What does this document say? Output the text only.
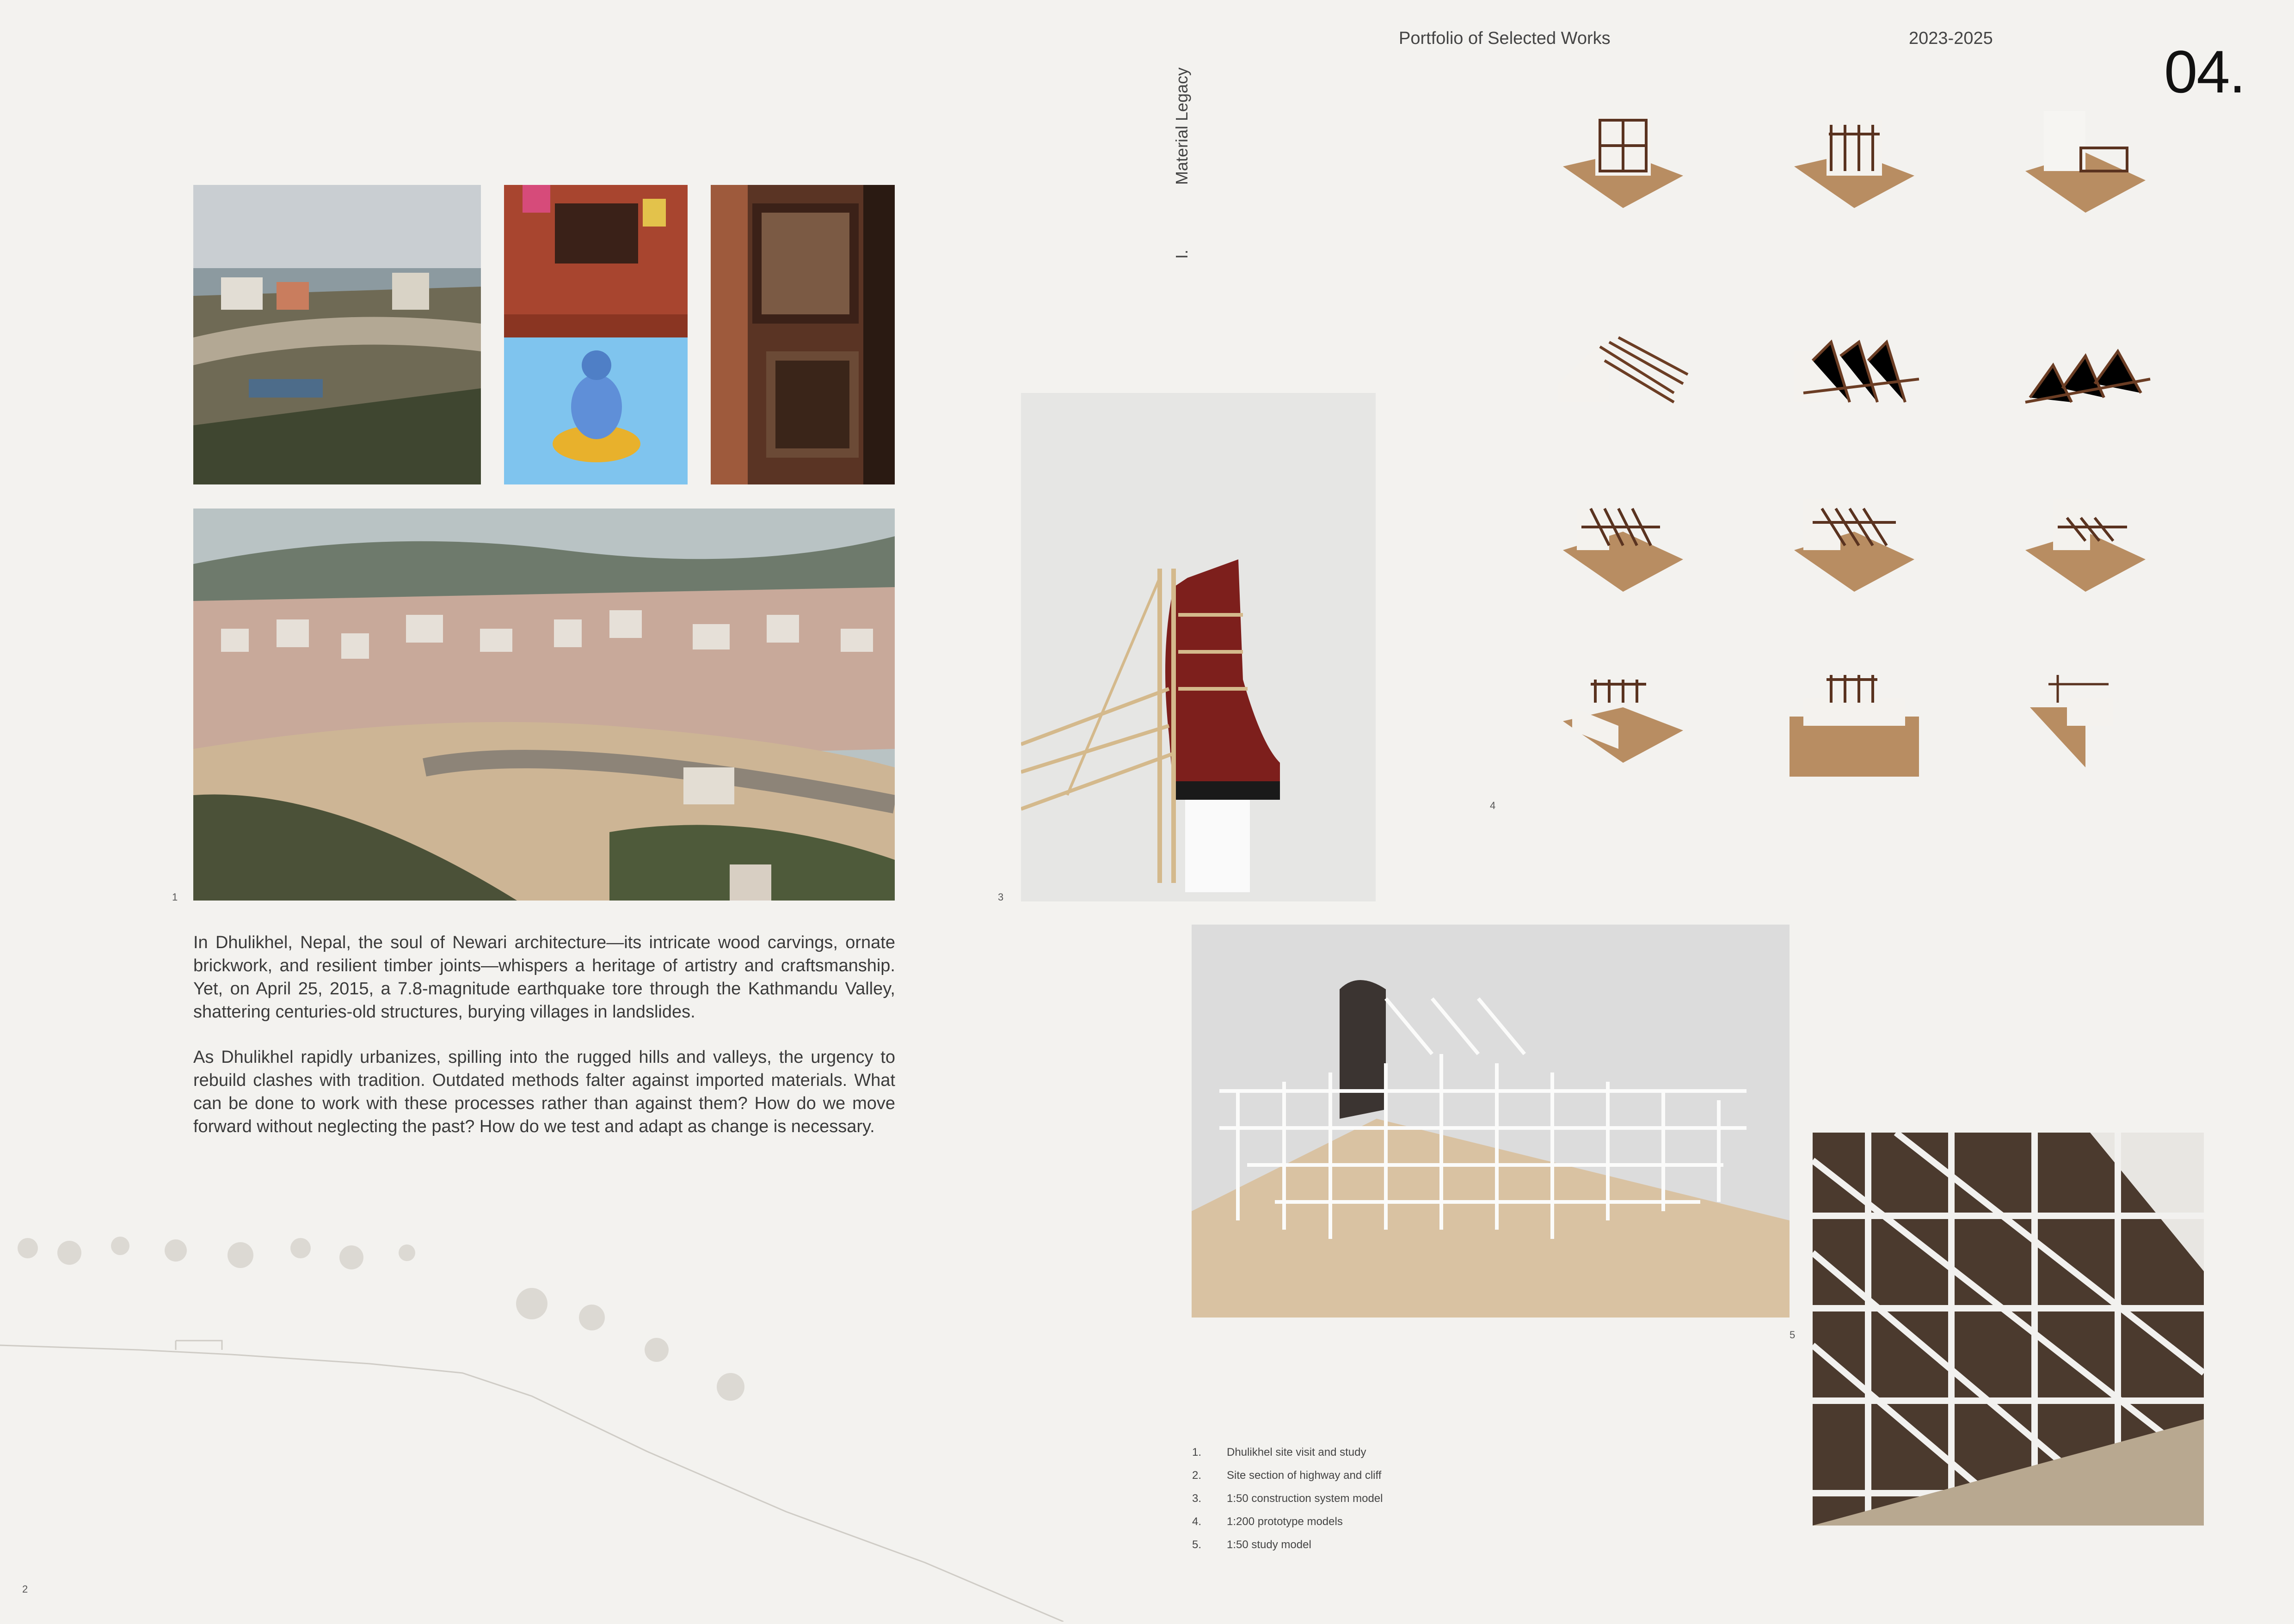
Portfolio of Selected Works	2023-2025	04.
Material Legacy
I.
1

In Dhulikhel, Nepal, the soul of Newari architecture—its intricate wood carvings, ornate brickwork, and resilient timber joints—whispers a heritage of artistry and craftsmanship. Yet, on April 25, 2015, a 7.8-magnitude earthquake tore through the Kathmandu Valley, shattering centuries-old structures, burying villages in landslides.

As Dhulikhel rapidly urbanizes, spilling into the rugged hills and valleys, the urgency to rebuild clashes with tradition. Outdated methods falter against imported materials. What can be done to work with these processes rather than against them? How do we move forward without neglecting the past? How do we test and adapt as change is necessary.

2
3
4
5
1.	Dhulikhel site visit and study
2.	Site section of highway and cliff
3.	1:50 construction system model
4.	1:200 prototype models
5.	1:50 study model
